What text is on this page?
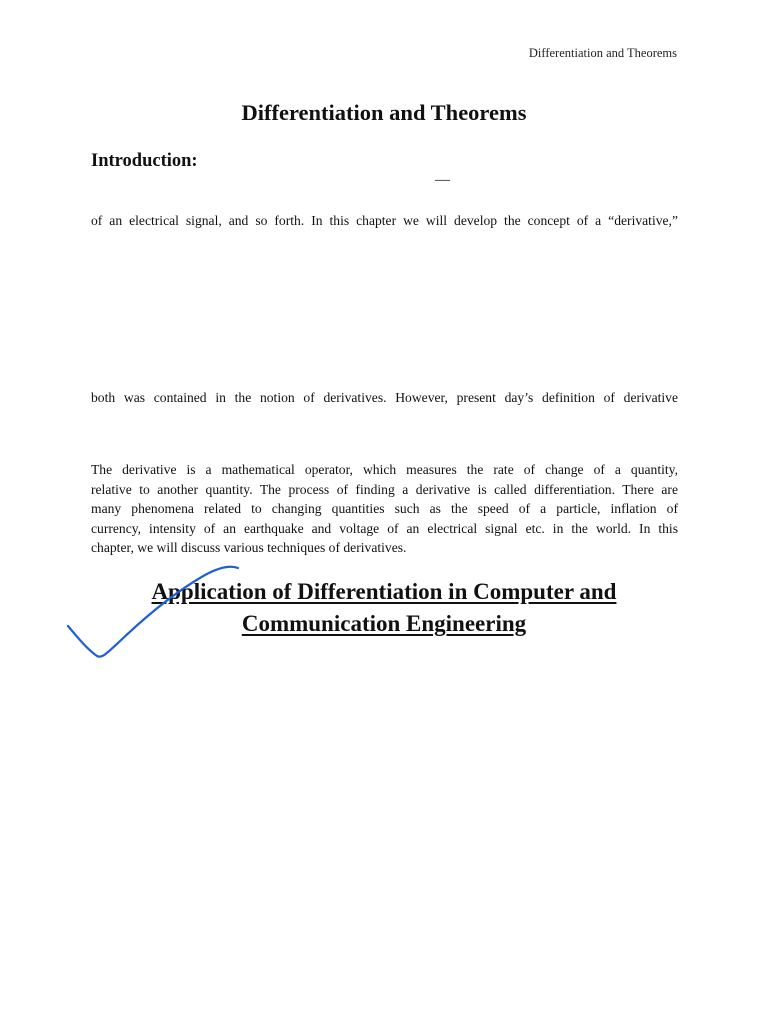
Differentiation and Theorems
Differentiation and Theorems
Introduction:
—
of an electrical signal, and so forth. In this chapter we will develop the concept of a “derivative,”
both was contained in the notion of derivatives. However, present day’s definition of derivative
The derivative is a mathematical operator, which measures the rate of change of a quantity,
relative to another quantity. The process of finding a derivative is called differentiation. There are
many phenomena related to changing quantities such as the speed of a particle, inflation of
currency, intensity of an earthquake and voltage of an electrical signal etc. in the world. In this
chapter, we will discuss various techniques of derivatives.
Application of Differentiation in Computer and
Communication Engineering
